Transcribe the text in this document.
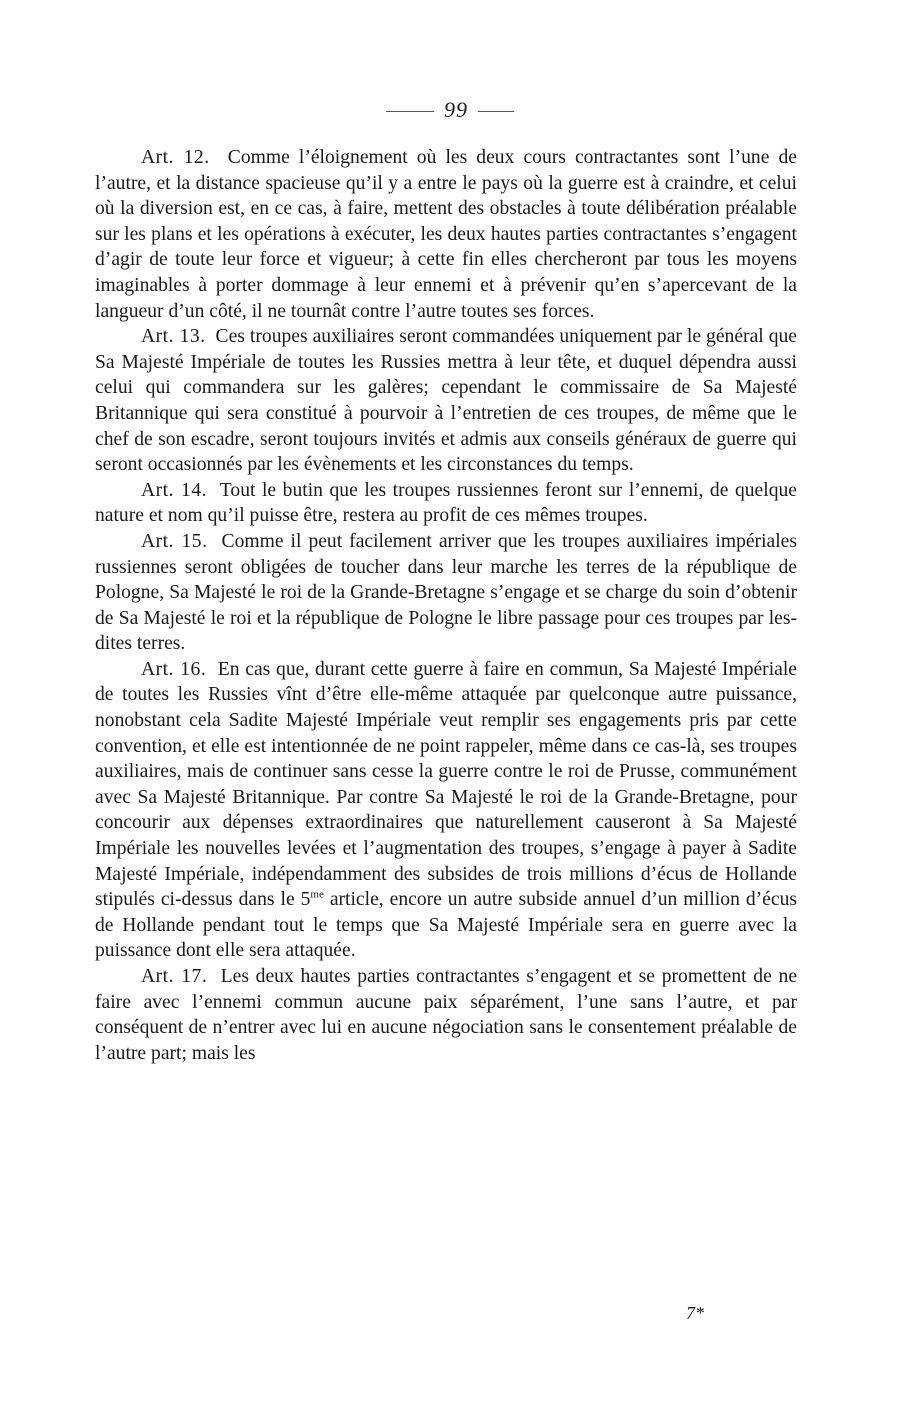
99

Art. 12. Comme l’éloignement où les deux cours contractantes sont l’une de l’autre, et la distance spacieuse qu’il y a entre le pays où la guerre est à craindre, et celui où la diversion est, en ce cas, à faire, mettent des obstacles à toute délibération préalable sur les plans et les opérations à exécuter, les deux hautes parties contractantes s’engagent d’agir de toute leur force et vigueur; à cette fin elles chercheront par tous les moyens imaginables à porter dommage à leur ennemi et à prévenir qu’en s’apercevant de la langueur d’un côté, il ne tournât contre l’autre toutes ses forces.

Art. 13. Ces troupes auxiliaires seront commandées uniquement par le général que Sa Majesté Impériale de toutes les Russies mettra à leur tête, et duquel dépendra aussi celui qui commandera sur les galères; cependant le commissaire de Sa Majesté Britannique qui sera constitué à pourvoir à l’entretien de ces troupes, de même que le chef de son escadre, seront toujours invités et admis aux conseils généraux de guerre qui seront occasionnés par les évènements et les circonstances du temps.

Art. 14. Tout le butin que les troupes russiennes feront sur l’ennemi, de quelque nature et nom qu’il puisse être, restera au profit de ces mêmes troupes.

Art. 15. Comme il peut facilement arriver que les troupes auxiliaires impériales russiennes seront obligées de toucher dans leur marche les terres de la république de Pologne, Sa Majesté le roi de la Grande-Bretagne s’engage et se charge du soin d’obtenir de Sa Majesté le roi et la république de Pologne le libre passage pour ces troupes par lesdites terres.

Art. 16. En cas que, durant cette guerre à faire en commun, Sa Majesté Impériale de toutes les Russies vînt d’être elle-même attaquée par quelconque autre puissance, nonobstant cela Sadite Majesté Impériale veut remplir ses engagements pris par cette convention, et elle est intentionnée de ne point rappeler, même dans ce cas-là, ses troupes auxiliaires, mais de continuer sans cesse la guerre contre le roi de Prusse, communément avec Sa Majesté Britannique. Par contre Sa Majesté le roi de la Grande-Bretagne, pour concourir aux dépenses extraordinaires que naturellement causeront à Sa Majesté Impériale les nouvelles levées et l’augmentation des troupes, s’engage à payer à Sadite Majesté Impériale, indépendamment des subsides de trois millions d’écus de Hollande stipulés ci-dessus dans le $5^{me}$ article, encore un autre subside annuel d’un million d’écus de Hollande pendant tout le temps que Sa Majesté Impériale sera en guerre avec la puissance dont elle sera attaquée.

Art. 17. Les deux hautes parties contractantes s’engagent et se promettent de ne faire avec l’ennemi commun aucune paix séparément, l’une sans l’autre, et par conséquent de n’entrer avec lui en aucune négociation sans le consentement préalable de l’autre part; mais les

7*
